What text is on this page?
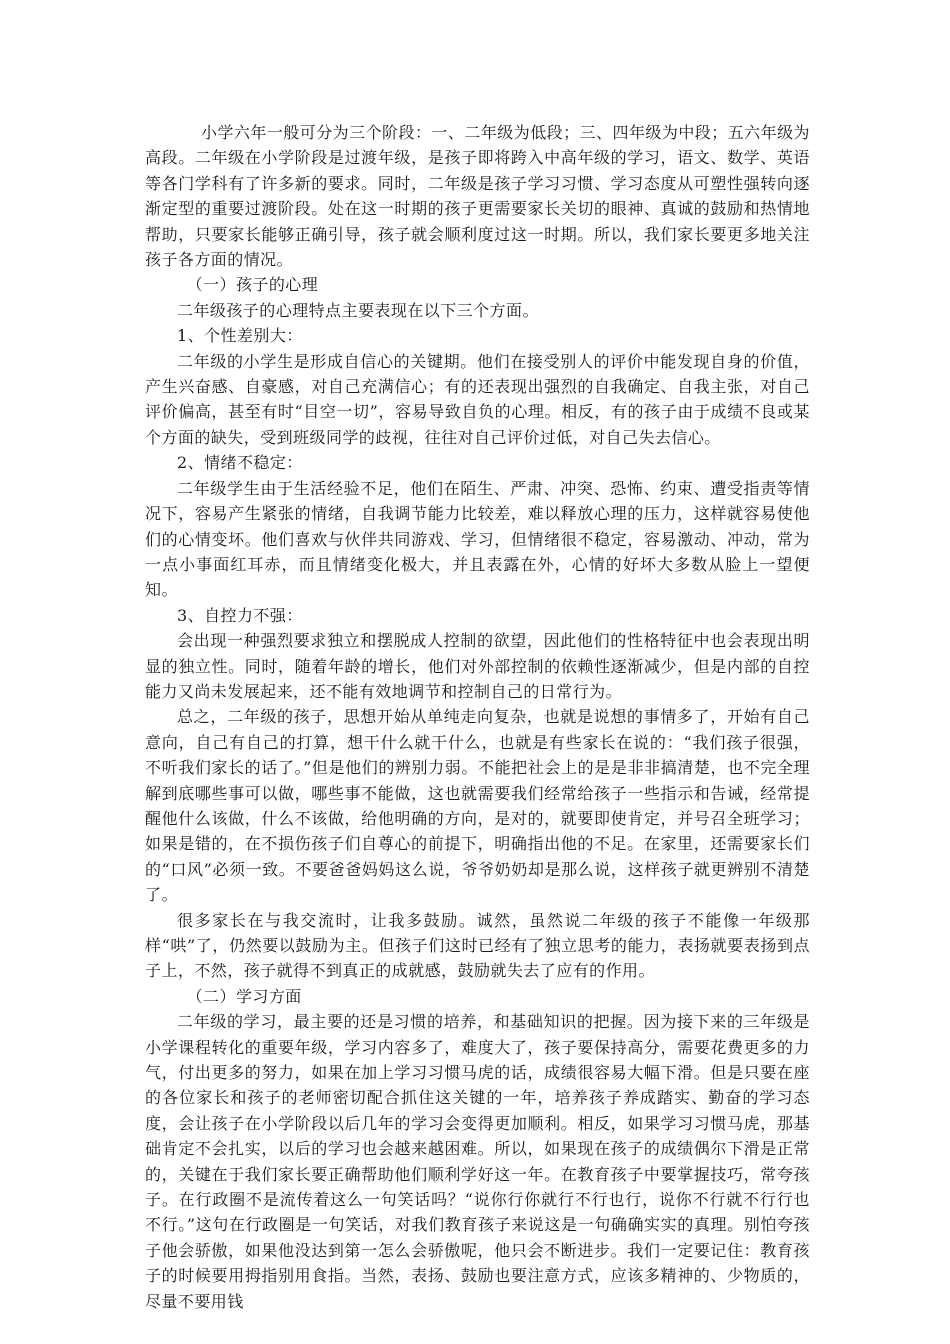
小学六年一般可分为三个阶段：一、二年级为低段；三、四年级为中段；五六年级为高段。二年级在小学阶段是过渡年级，是孩子即将跨入中高年级的学习，语文、数学、英语等各门学科有了许多新的要求。同时，二年级是孩子学习习惯、学习态度从可塑性强转向逐渐定型的重要过渡阶段。处在这一时期的孩子更需要家长关切的眼神、真诚的鼓励和热情地帮助，只要家长能够正确引导，孩子就会顺利度过这一时期。所以，我们家长要更多地关注孩子各方面的情况。

（一）孩子的心理

二年级孩子的心理特点主要表现在以下三个方面。

1、个性差别大：

二年级的小学生是形成自信心的关键期。他们在接受别人的评价中能发现自身的价值，产生兴奋感、自豪感，对自己充满信心；有的还表现出强烈的自我确定、自我主张，对自己评价偏高，甚至有时“目空一切”，容易导致自负的心理。相反，有的孩子由于成绩不良或某个方面的缺失，受到班级同学的歧视，往往对自己评价过低，对自己失去信心。

2、情绪不稳定：

二年级学生由于生活经验不足，他们在陌生、严肃、冲突、恐怖、约束、遭受指责等情况下，容易产生紧张的情绪，自我调节能力比较差，难以释放心理的压力，这样就容易使他们的心情变坏。他们喜欢与伙伴共同游戏、学习，但情绪很不稳定，容易激动、冲动，常为一点小事面红耳赤，而且情绪变化极大，并且表露在外，心情的好坏大多数从脸上一望便知。

3、自控力不强：

会出现一种强烈要求独立和摆脱成人控制的欲望，因此他们的性格特征中也会表现出明显的独立性。同时，随着年龄的增长，他们对外部控制的依赖性逐渐减少，但是内部的自控能力又尚未发展起来，还不能有效地调节和控制自己的日常行为。

总之，二年级的孩子，思想开始从单纯走向复杂，也就是说想的事情多了，开始有自己意向，自己有自己的打算，想干什么就干什么，也就是有些家长在说的：“我们孩子很强，不听我们家长的话了。”但是他们的辨别力弱。不能把社会上的是是非非搞清楚，也不完全理解到底哪些事可以做，哪些事不能做，这也就需要我们经常给孩子一些指示和告诫，经常提醒他什么该做，什么不该做，给他明确的方向，是对的，就要即使肯定，并号召全班学习；如果是错的，在不损伤孩子们自尊心的前提下，明确指出他的不足。在家里，还需要家长们的“口风”必须一致。不要爸爸妈妈这么说，爷爷奶奶却是那么说，这样孩子就更辨别不清楚了。

很多家长在与我交流时，让我多鼓励。诚然，虽然说二年级的孩子不能像一年级那样“哄”了，仍然要以鼓励为主。但孩子们这时已经有了独立思考的能力，表扬就要表扬到点子上，不然，孩子就得不到真正的成就感，鼓励就失去了应有的作用。

（二）学习方面

二年级的学习，最主要的还是习惯的培养，和基础知识的把握。因为接下来的三年级是小学课程转化的重要年级，学习内容多了，难度大了，孩子要保持高分，需要花费更多的力气，付出更多的努力，如果在加上学习习惯马虎的话，成绩很容易大幅下滑。但是只要在座的各位家长和孩子的老师密切配合抓住这关键的一年，培养孩子养成踏实、勤奋的学习态度，会让孩子在小学阶段以后几年的学习会变得更加顺利。相反，如果学习习惯马虎，那基础肯定不会扎实，以后的学习也会越来越困难。所以，如果现在孩子的成绩偶尔下滑是正常的，关键在于我们家长要正确帮助他们顺利学好这一年。在教育孩子中要掌握技巧，常夸孩子。在行政圈不是流传着这么一句笑话吗？“说你行你就行不行也行，说你不行就不行行也不行。”这句在行政圈是一句笑话，对我们教育孩子来说这是一句确确实实的真理。别怕夸孩子他会骄傲，如果他没达到第一怎么会骄傲呢，他只会不断进步。我们一定要记住：教育孩子的时候要用拇指别用食指。当然，表扬、鼓励也要注意方式，应该多精神的、少物质的，尽量不要用钱
